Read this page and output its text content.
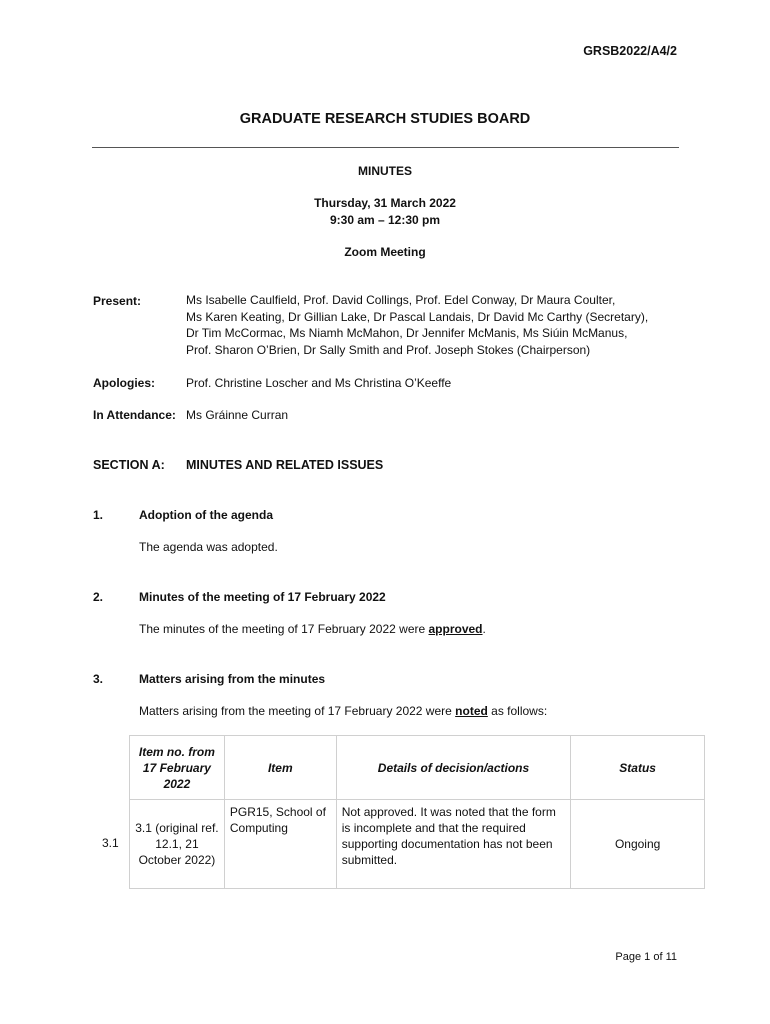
GRSB2022/A4/2
GRADUATE RESEARCH STUDIES BOARD
MINUTES
Thursday, 31 March 2022
9:30 am – 12:30 pm
Zoom Meeting
Present:	Ms Isabelle Caulfield, Prof. David Collings, Prof. Edel Conway, Dr Maura Coulter,
Ms Karen Keating, Dr Gillian Lake, Dr Pascal Landais, Dr David Mc Carthy (Secretary),
Dr Tim McCormac, Ms Niamh McMahon, Dr Jennifer McManis, Ms Siúin McManus,
Prof. Sharon O’Brien, Dr Sally Smith and Prof. Joseph Stokes (Chairperson)
Apologies:	Prof. Christine Loscher and Ms Christina O’Keeffe
In Attendance: Ms Gráinne Curran
SECTION A: MINUTES AND RELATED ISSUES
1.	Adoption of the agenda
The agenda was adopted.
2.	Minutes of the meeting of 17 February 2022
The minutes of the meeting of 17 February 2022 were approved.
3.	Matters arising from the minutes
Matters arising from the meeting of 17 February 2022 were noted as follows:
Item no. from 17 February 2022	Item	Details of decision/actions	Status
3.1 (original ref. 12.1, 21 October 2022)	PGR15, School of Computing	Not approved. It was noted that the form is incomplete and that the required supporting documentation has not been submitted.	Ongoing
3.1
Page 1 of 11
